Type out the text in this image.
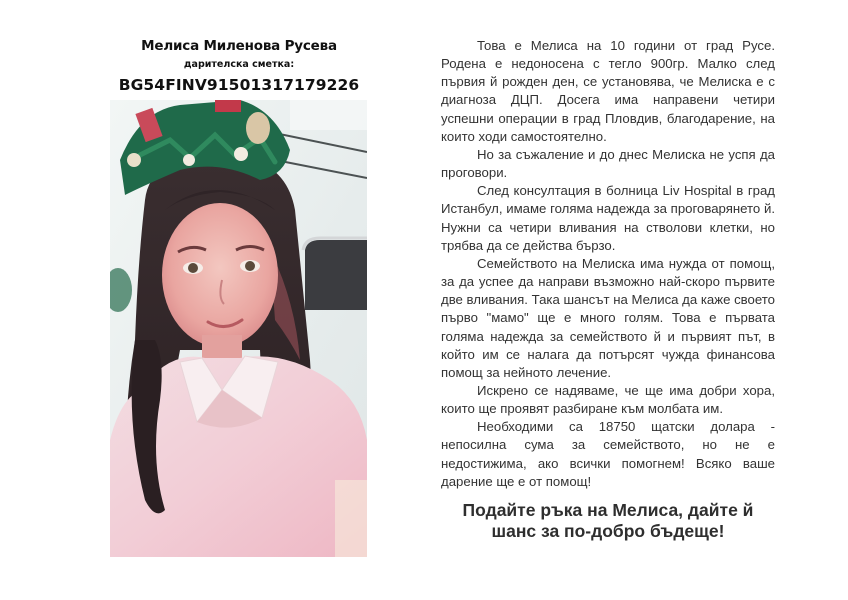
Мелиса Миленова Русева
дарителска сметка:
BG54FINV91501317179226

Това е Мелиса на 10 години от град Русе. Родена е недоносена с тегло 900гр. Малко след първия й рожден ден, се установява, че Мелиска е с диагноза ДЦП. Досега има направени четири успешни операции в град Пловдив, благодарение, на които ходи самостоятелно.

Но за съжаление и до днес Мелиска не успя да проговори.

След консултация в болница Liv Hospital в град Истанбул, имаме голяма надежда за проговарянето й. Нужни са четири вливания на стволови клетки, но трябва да се действа бързо.

Семейството на Мелиска има нужда от помощ, за да успее да направи възможно най-скоро първите две вливания. Така шансът на Мелиса да каже своето първо "мамо" ще е много голям. Това е първата голяма надежда за семейството й и първият път, в който им се налага да потърсят чужда финансова помощ за нейното лечение.

Искрено се надяваме, че ще има добри хора, които ще проявят разбиране към молбата им.

Необходими са 18750 щатски долара - непосилна сума за семейството, но не е недостижима, ако всички помогнем! Всяко ваше дарение ще е от помощ!

Подайте ръка на Мелиса, дайте й
шанс за по-добро бъдеще!
